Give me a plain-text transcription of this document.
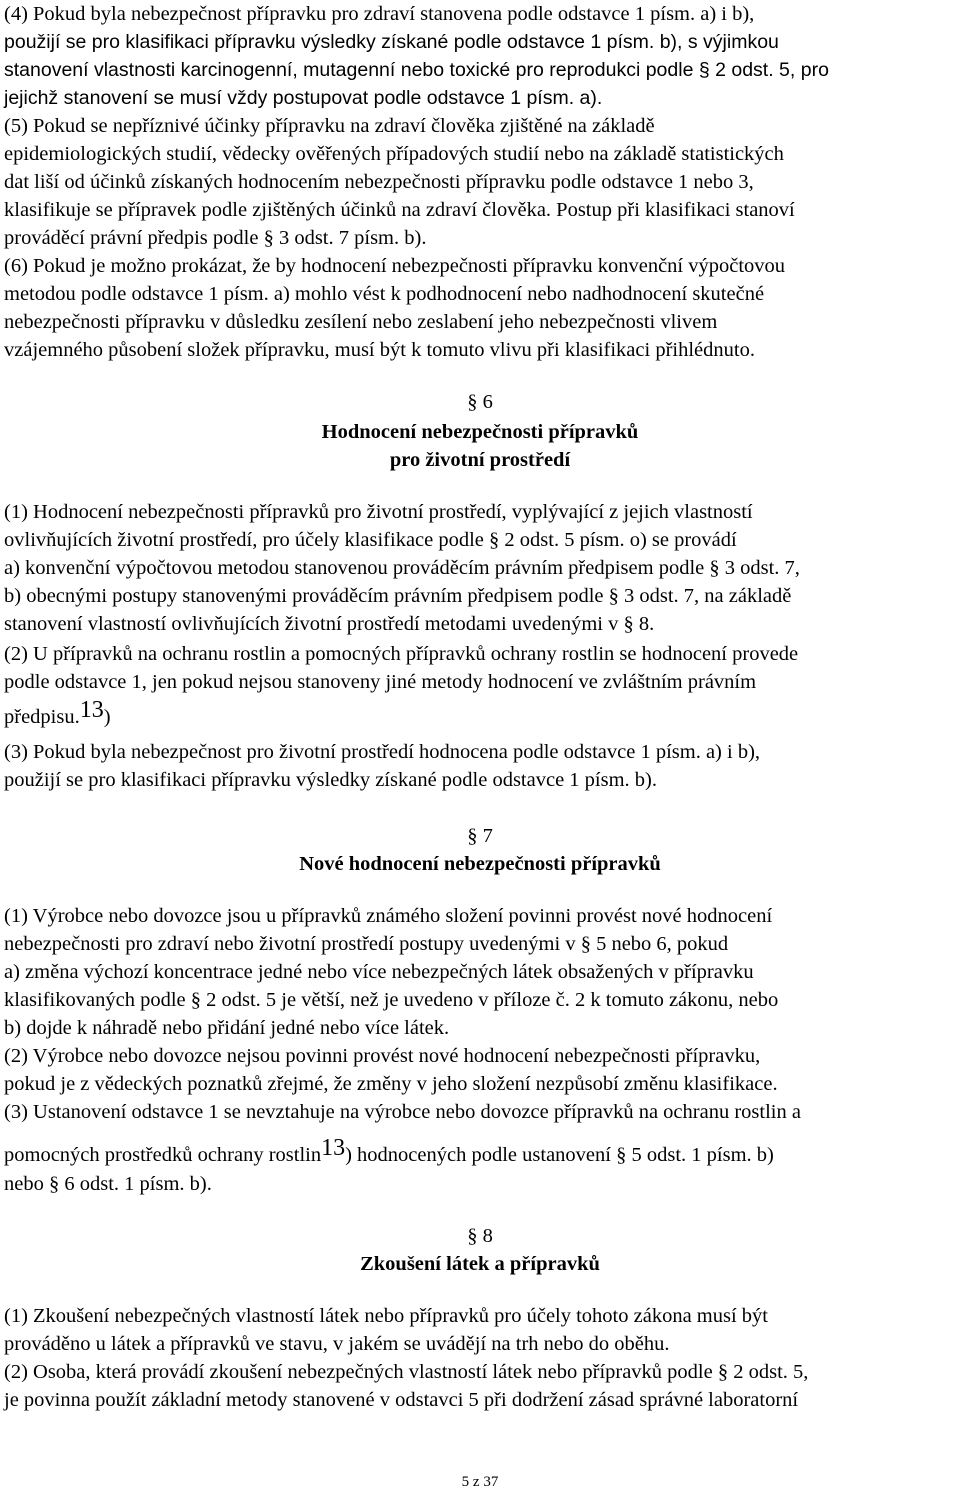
(4) Pokud byla nebezpečnost přípravku pro zdraví stanovena podle odstavce 1 písm. a) i b),
použijí se pro klasifikaci přípravku výsledky získané podle odstavce 1 písm. b), s výjimkou
stanovení vlastnosti karcinogenní, mutagenní nebo toxické pro reprodukci podle § 2 odst. 5, pro
jejichž stanovení se musí vždy postupovat podle odstavce 1 písm. a).
(5) Pokud se nepříznivé účinky přípravku na zdraví člověka zjištěné na základě
epidemiologických studií, vědecky ověřených případových studií nebo na základě statistických
dat liší od účinků získaných hodnocením nebezpečnosti přípravku podle odstavce 1 nebo 3,
klasifikuje se přípravek podle zjištěných účinků na zdraví člověka. Postup při klasifikaci stanoví
prováděcí právní předpis podle § 3 odst. 7 písm. b).
(6) Pokud je možno prokázat, že by hodnocení nebezpečnosti přípravku konvenční výpočtovou
metodou podle odstavce 1 písm. a) mohlo vést k podhodnocení nebo nadhodnocení skutečné
nebezpečnosti přípravku v důsledku zesílení nebo zeslabení jeho nebezpečnosti vlivem
vzájemného působení složek přípravku, musí být k tomuto vlivu při klasifikaci přihlédnuto.
§ 6
Hodnocení nebezpečnosti přípravků
pro životní prostředí
(1) Hodnocení nebezpečnosti přípravků pro životní prostředí, vyplývající z jejich vlastností
ovlivňujících životní prostředí, pro účely klasifikace podle § 2 odst. 5 písm. o) se provádí
a) konvenční výpočtovou metodou stanovenou prováděcím právním předpisem podle § 3 odst. 7,
b) obecnými postupy stanovenými prováděcím právním předpisem podle § 3 odst. 7, na základě
stanovení vlastností ovlivňujících životní prostředí metodami uvedenými v § 8.
(2) U přípravků na ochranu rostlin a pomocných přípravků ochrany rostlin se hodnocení provede
podle odstavce 1, jen pokud nejsou stanoveny jiné metody hodnocení ve zvláštním právním
předpisu.13)
(3) Pokud byla nebezpečnost pro životní prostředí hodnocena podle odstavce 1 písm. a) i b),
použijí se pro klasifikaci přípravku výsledky získané podle odstavce 1 písm. b).
§ 7
Nové hodnocení nebezpečnosti přípravků
(1) Výrobce nebo dovozce jsou u přípravků známého složení povinni provést nové hodnocení
nebezpečnosti pro zdraví nebo životní prostředí postupy uvedenými v § 5 nebo 6, pokud
a) změna výchozí koncentrace jedné nebo více nebezpečných látek obsažených v přípravku
klasifikovaných podle § 2 odst. 5 je větší, než je uvedeno v příloze č. 2 k tomuto zákonu, nebo
b) dojde k náhradě nebo přidání jedné nebo více látek.
(2) Výrobce nebo dovozce nejsou povinni provést nové hodnocení nebezpečnosti přípravku,
pokud je z vědeckých poznatků zřejmé, že změny v jeho složení nezpůsobí změnu klasifikace.
(3) Ustanovení odstavce 1 se nevztahuje na výrobce nebo dovozce přípravků na ochranu rostlin a
pomocných prostředků ochrany rostlin13) hodnocených podle ustanovení § 5 odst. 1 písm. b)
nebo § 6 odst. 1 písm. b).
§ 8
Zkoušení látek a přípravků
(1) Zkoušení nebezpečných vlastností látek nebo přípravků pro účely tohoto zákona musí být
prováděno u látek a přípravků ve stavu, v jakém se uvádějí na trh nebo do oběhu.
(2) Osoba, která provádí zkoušení nebezpečných vlastností látek nebo přípravků podle § 2 odst. 5,
je povinna použít základní metody stanovené v odstavci 5 při dodržení zásad správné laboratorní
5 z 37
